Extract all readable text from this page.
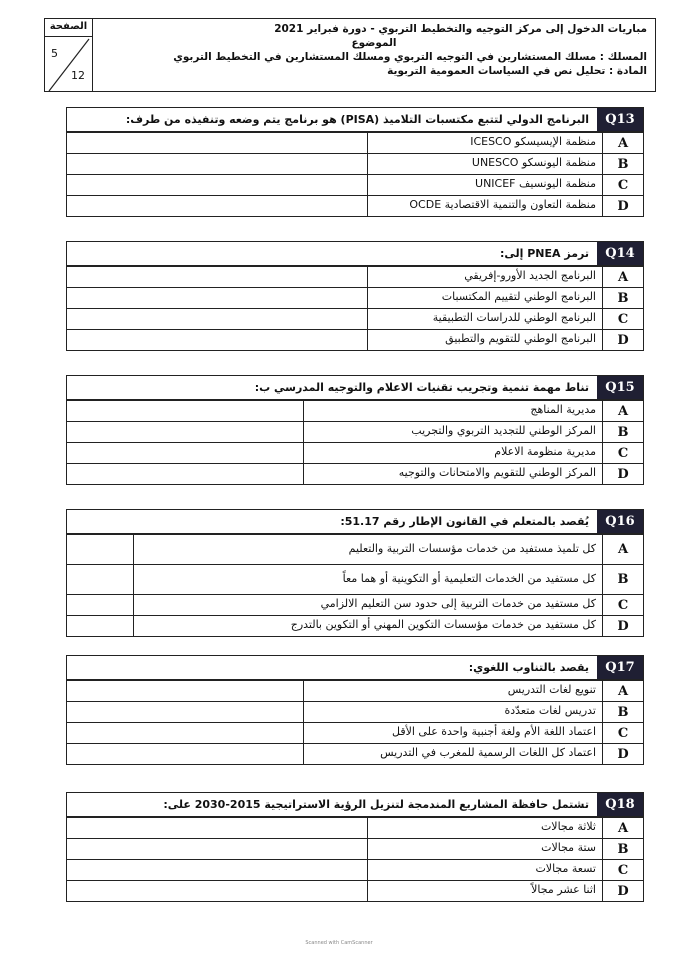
الصفحة
5
12
مباريات الدخول إلى مركز التوجيه والتخطيط التربوي - دورة فبراير 2021
الموضوع
المسلك : مسلك المستشارين في التوجيه التربوي ومسلك المستشارين في التخطيط التربوي
المادة : تحليل نص في السياسات العمومية التربوية
Q13
البرنامج الدولي لتتبع مكتسبات التلاميذ (PISA) هو برنامج يتم وضعه وتنفيذه من طرف:
A
منظمة الإيسيسكو ICESCO
B
منظمة اليونسكو UNESCO
C
منظمة اليونسيف UNICEF
D
منظمة التعاون والتنمية الاقتصادية OCDE
Q14
ترمز PNEA إلى:
A
البرنامج الجديد الأورو-إفريقي
B
البرنامج الوطني لتقييم المكتسبات
C
البرنامج الوطني للدراسات التطبيقية
D
البرنامج الوطني للتقويم والتطبيق
Q15
تناط مهمة تنمية وتجريب تقنيات الاعلام والتوجيه المدرسي ب:
A
مديرية المناهج
B
المركز الوطني للتجديد التربوي والتجريب
C
مديرية منظومة الاعلام
D
المركز الوطني للتقويم والامتحانات والتوجيه
Q16
يُقصد بالمتعلم في القانون الإطار رقم 51.17:
A
كل تلميذ مستفيد من خدمات مؤسسات التربية والتعليم
B
كل مستفيد من الخدمات التعليمية أو التكوينية أو هما معاً
C
كل مستفيد من خدمات التربية إلى حدود سن التعليم الالزامي
D
كل مستفيد من خدمات مؤسسات التكوين المهني أو التكوين بالتدرج
Q17
يقصد بالتناوب اللغوي:
A
تنويع لغات التدريس
B
تدريس لغات متعدّدة
C
اعتماد اللغة الأم ولغة أجنبية واحدة على الأقل
D
اعتماد كل اللغات الرسمية للمغرب في التدريس
Q18
تشتمل حافظة المشاريع المندمجة لتنزيل الرؤية الاستراتيجية 2015-2030 على:
A
ثلاثة مجالات
B
ستة مجالات
C
تسعة مجالات
D
اثنا عشر مجالاً
Scanned with CamScanner
